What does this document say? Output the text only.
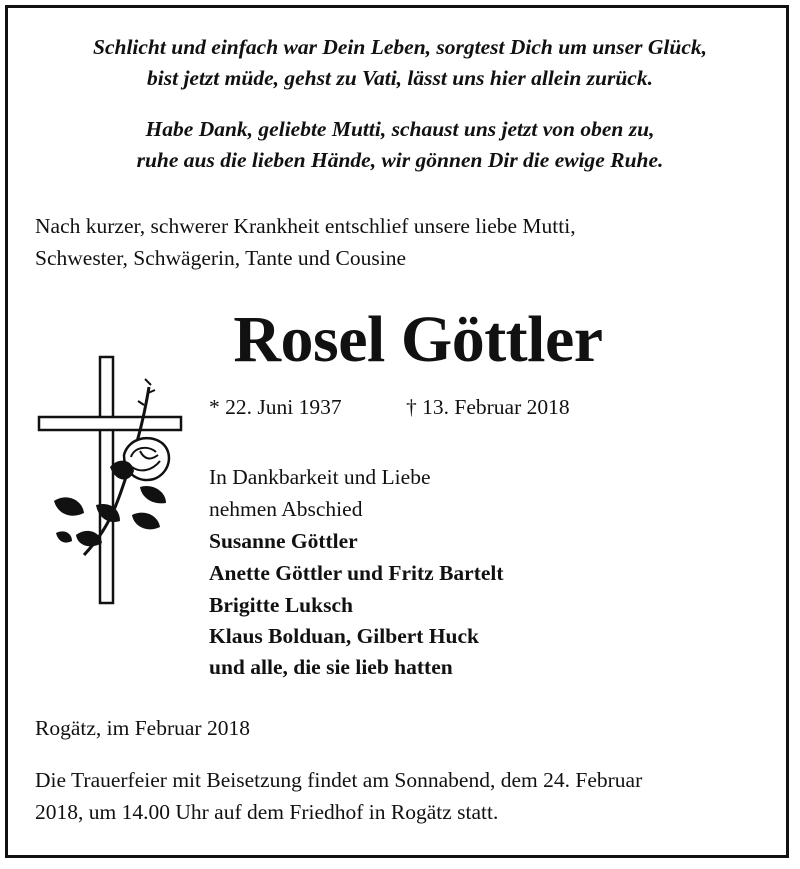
Schlicht und einfach war Dein Leben, sorgtest Dich um unser Glück,
bist jetzt müde, gehst zu Vati, lässt uns hier allein zurück.
Habe Dank, geliebte Mutti, schaust uns jetzt von oben zu,
ruhe aus die lieben Hände, wir gönnen Dir die ewige Ruhe.
Nach kurzer, schwerer Krankheit entschlief unsere liebe Mutti,
Schwester, Schwägerin, Tante und Cousine
Rosel Göttler
* 22. Juni 1937	† 13. Februar 2018
In Dankbarkeit und Liebe
nehmen Abschied
Susanne Göttler
Anette Göttler und Fritz Bartelt
Brigitte Luksch
Klaus Bolduan, Gilbert Huck
und alle, die sie lieb hatten
Rogätz, im Februar 2018
Die Trauerfeier mit Beisetzung findet am Sonnabend, dem 24. Februar
2018, um 14.00 Uhr auf dem Friedhof in Rogätz statt.
